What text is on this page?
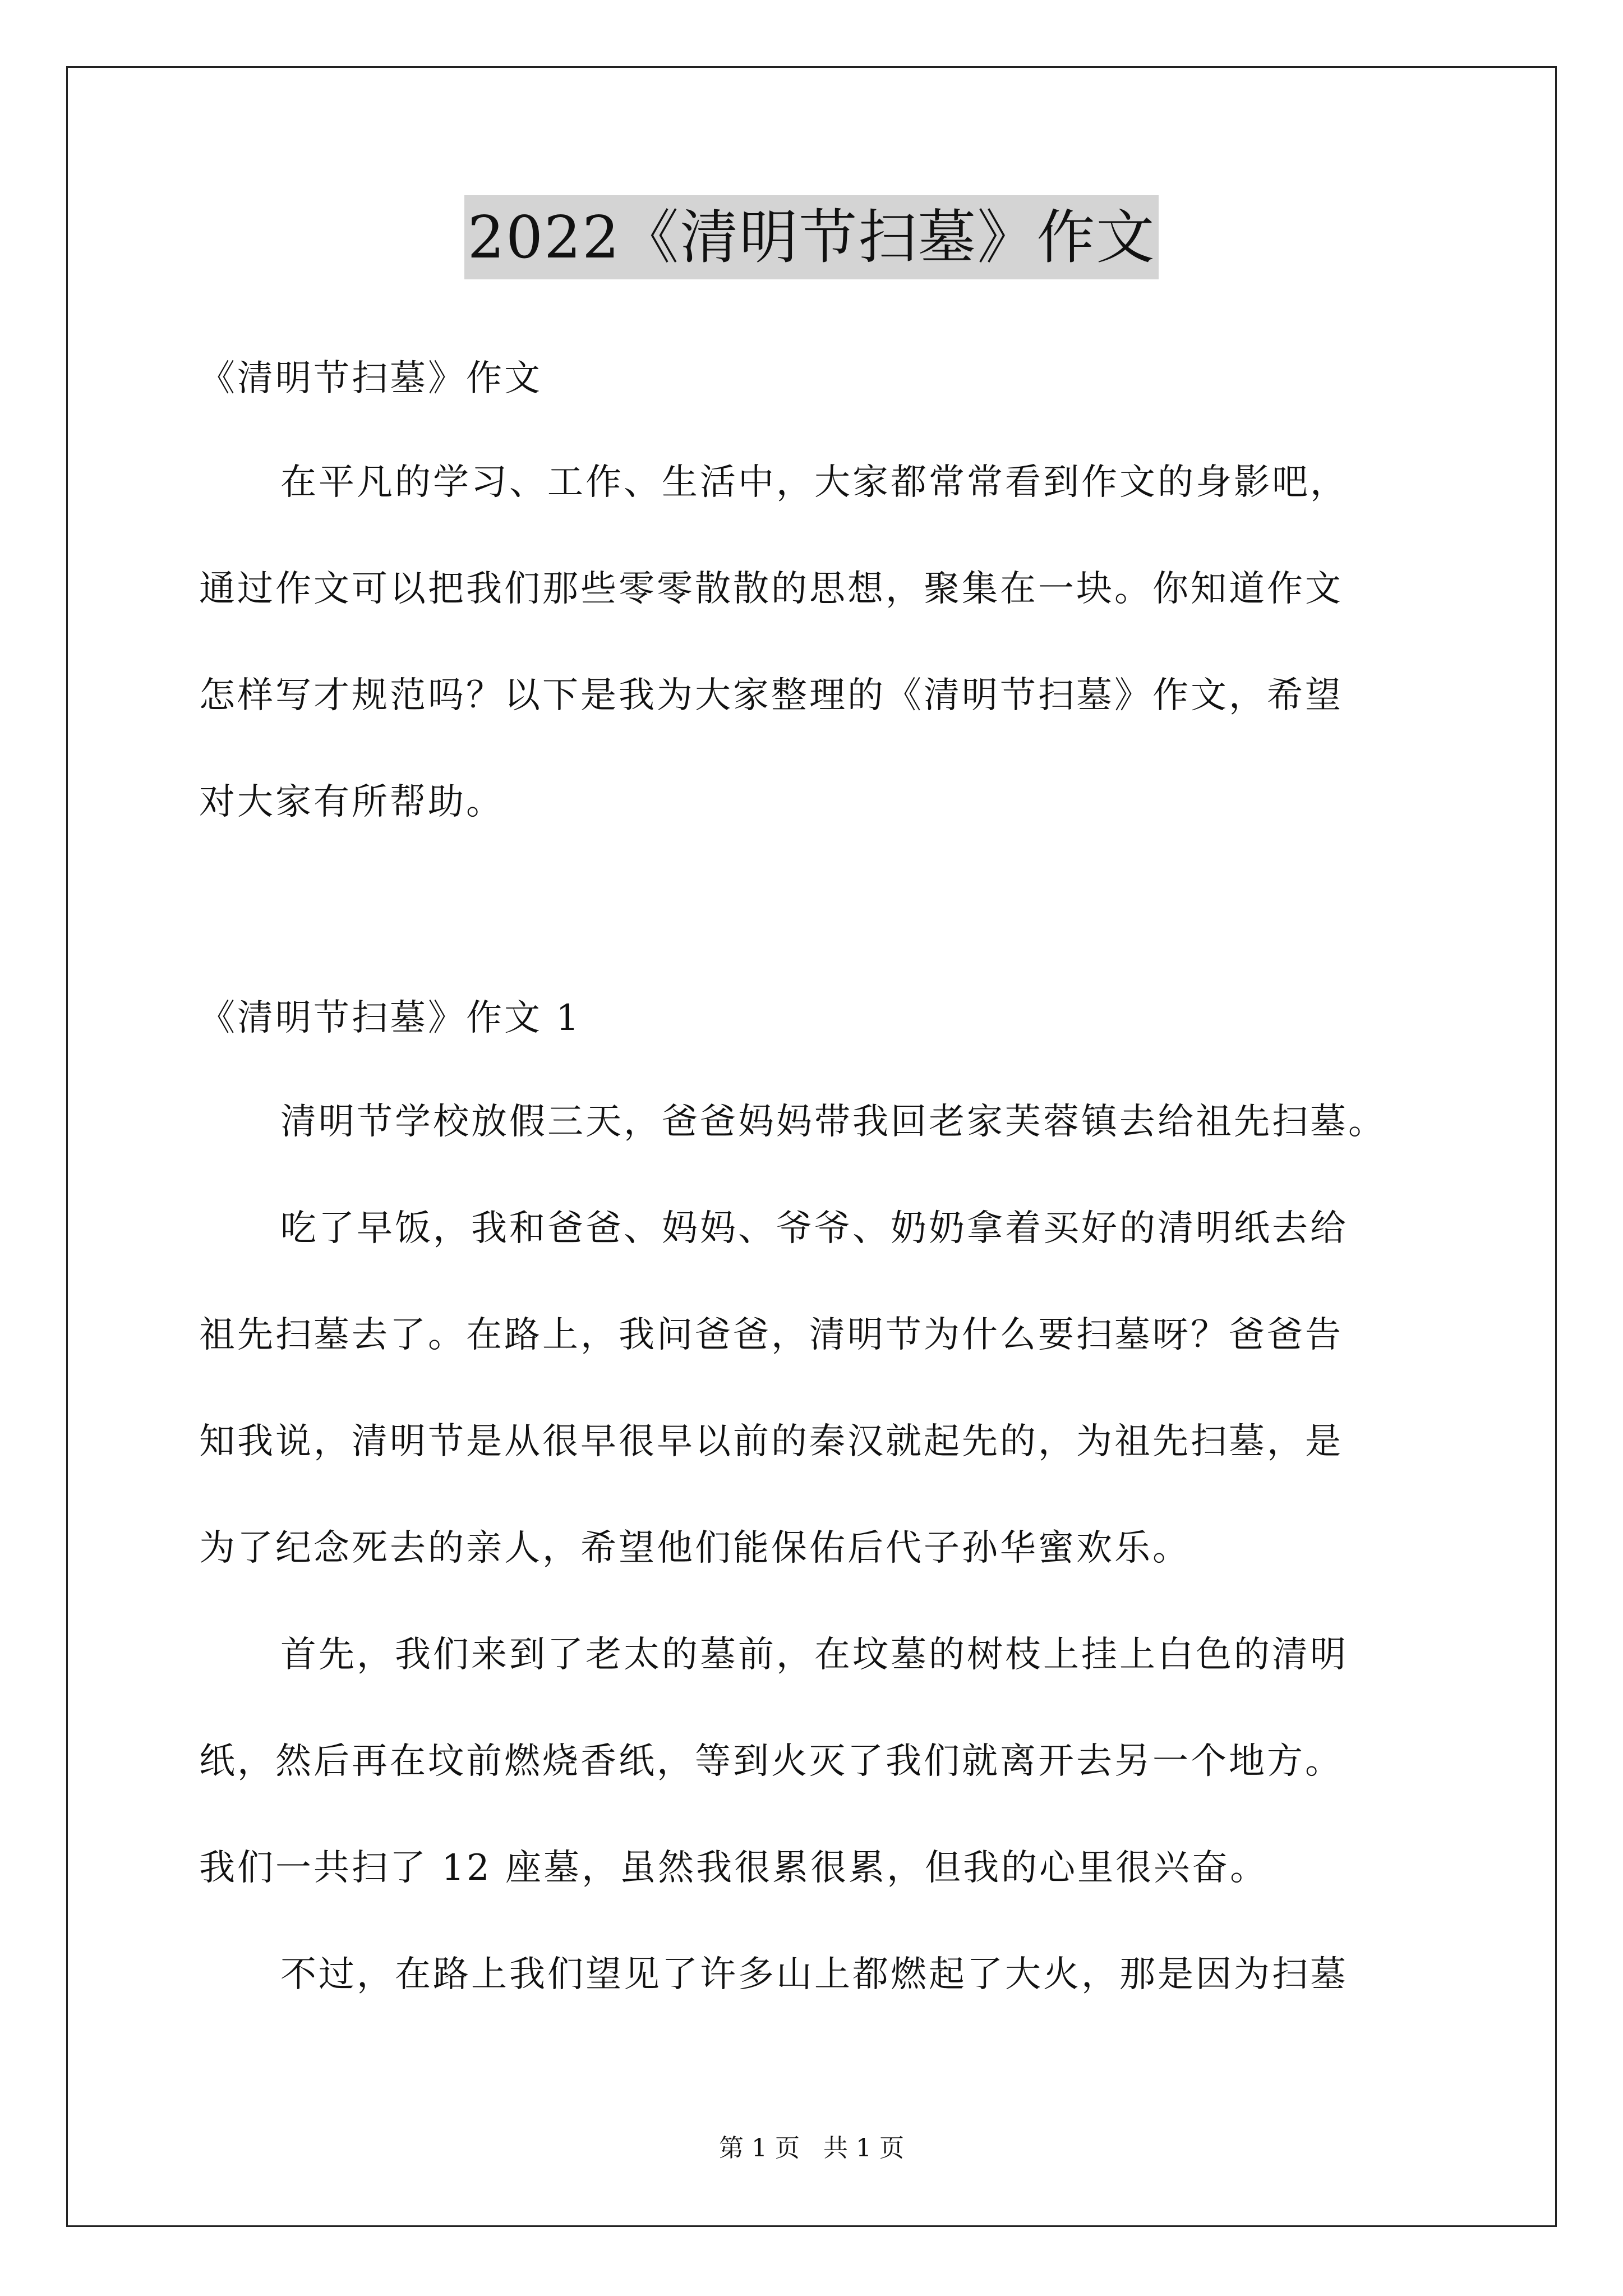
2022《清明节扫墓》作文
《清明节扫墓》作文
在平凡的学习、工作、生活中，大家都常常看到作文的身影吧，
通过作文可以把我们那些零零散散的思想，聚集在一块。你知道作文
怎样写才规范吗？以下是我为大家整理的《清明节扫墓》作文，希望
对大家有所帮助。
《清明节扫墓》作文 1
清明节学校放假三天，爸爸妈妈带我回老家芙蓉镇去给祖先扫墓。
吃了早饭，我和爸爸、妈妈、爷爷、奶奶拿着买好的清明纸去给
祖先扫墓去了。在路上，我问爸爸，清明节为什么要扫墓呀？爸爸告
知我说，清明节是从很早很早以前的秦汉就起先的，为祖先扫墓，是
为了纪念死去的亲人，希望他们能保佑后代子孙华蜜欢乐。
首先，我们来到了老太的墓前，在坟墓的树枝上挂上白色的清明
纸，然后再在坟前燃烧香纸，等到火灭了我们就离开去另一个地方。
我们一共扫了 12 座墓，虽然我很累很累，但我的心里很兴奋。
不过，在路上我们望见了许多山上都燃起了大火，那是因为扫墓
第 1 页 共 1 页
